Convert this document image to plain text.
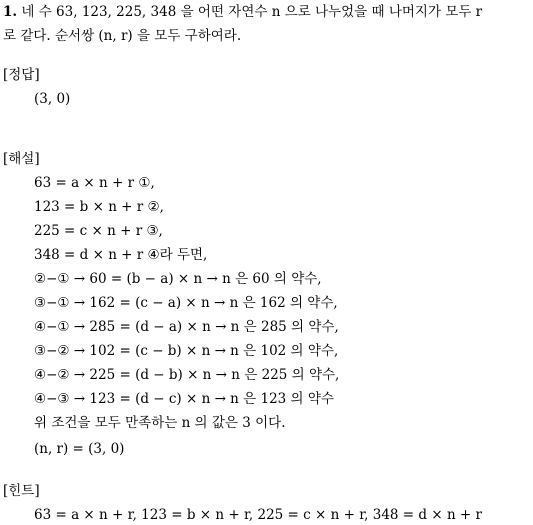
1. 네 수 63, 123, 225, 348 을 어떤 자연수 n 으로 나누었을 때 나머지가 모두 r
로 같다. 순서쌍 (n, r) 을 모두 구하여라.
[정답]
(3, 0)
[해설]
63 = a × n + r ①,
123 = b × n + r ②,
225 = c × n + r ③,
348 = d × n + r ④라 두면,
②−① → 60 = (b − a) × n → n 은 60 의 약수,
③−① → 162 = (c − a) × n → n 은 162 의 약수,
④−① → 285 = (d − a) × n → n 은 285 의 약수,
③−② → 102 = (c − b) × n → n 은 102 의 약수,
④−② → 225 = (d − b) × n → n 은 225 의 약수,
④−③ → 123 = (d − c) × n → n 은 123 의 약수
위 조건을 모두 만족하는 n 의 값은 3 이다.
(n, r) = (3, 0)
[힌트]
63 = a × n + r, 123 = b × n + r, 225 = c × n + r, 348 = d × n + r
